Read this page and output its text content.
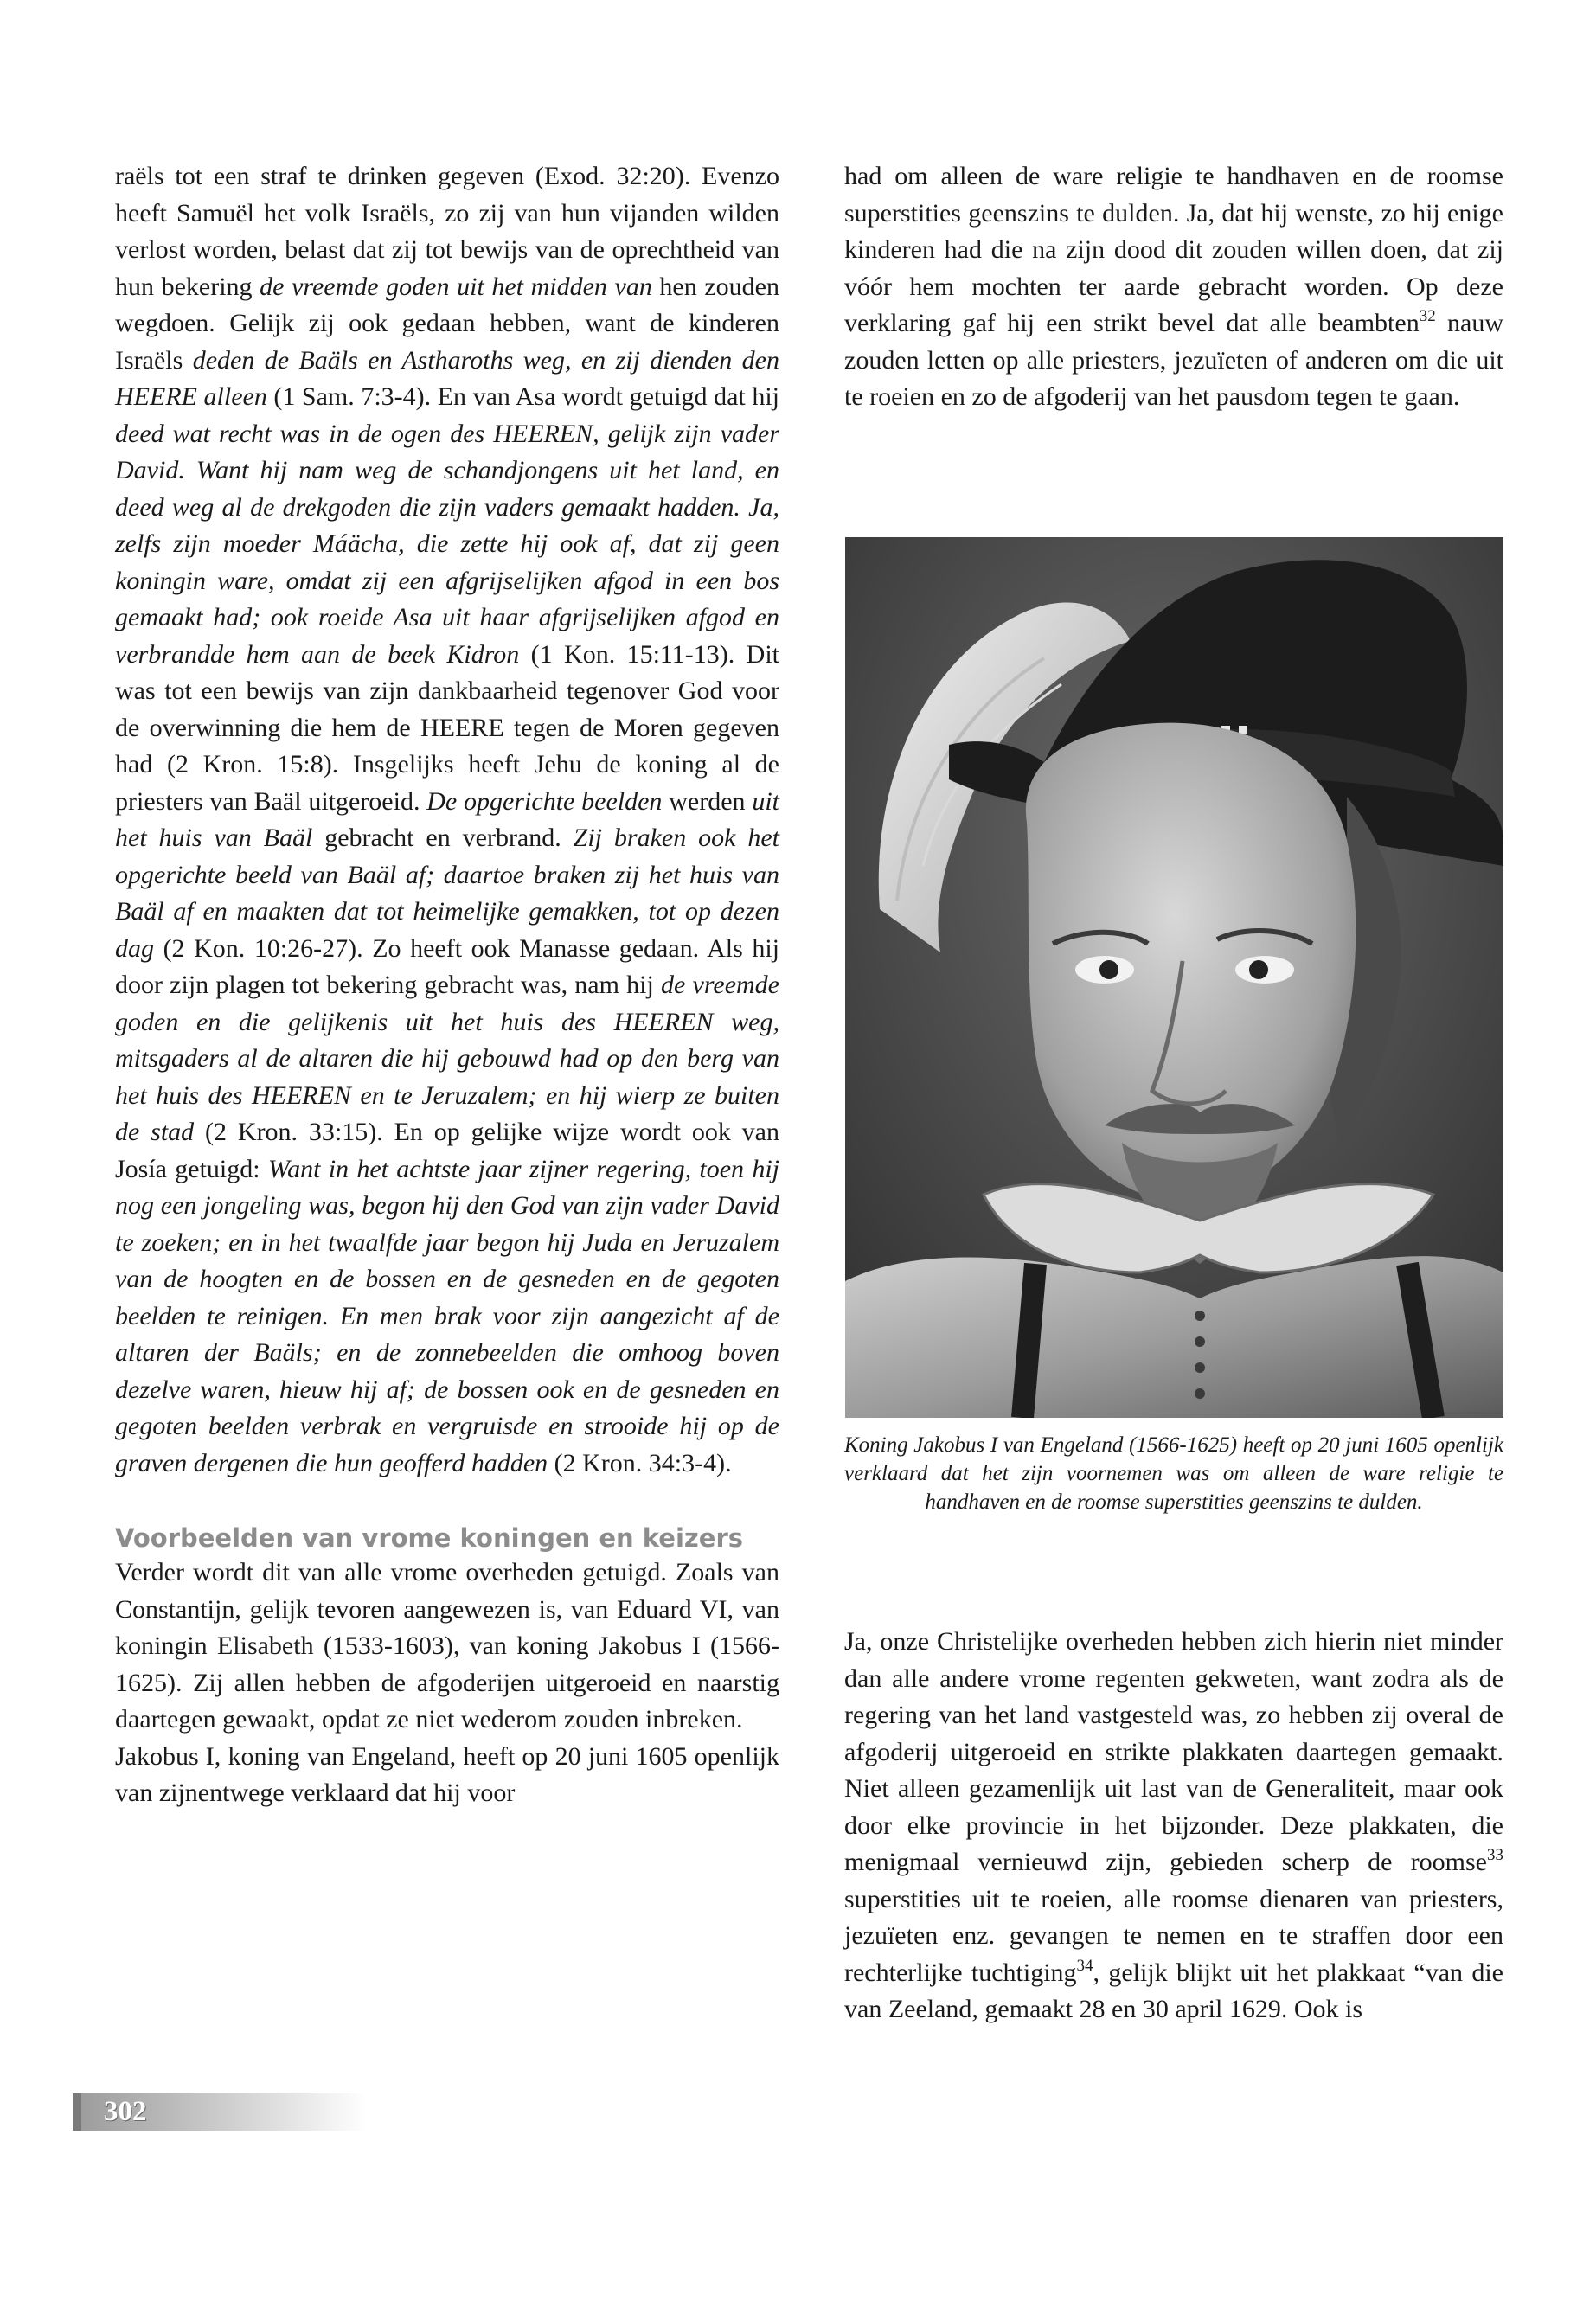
raëls tot een straf te drinken gegeven (Exod. 32:20). Evenzo heeft Samuël het volk Israëls, zo zij van hun vijanden wilden verlost worden, belast dat zij tot bewijs van de oprechtheid van hun bekering de vreemde goden uit het midden van hen zouden wegdoen. Gelijk zij ook gedaan hebben, want de kinderen Israëls deden de Baäls en Astharoths weg, en zij dienden den HEERE alleen (1 Sam. 7:3-4). En van Asa wordt getuigd dat hij deed wat recht was in de ogen des HEEREN, gelijk zijn vader David. Want hij nam weg de schandjongens uit het land, en deed weg al de drekgoden die zijn vaders gemaakt hadden. Ja, zelfs zijn moeder Máächa, die zette hij ook af, dat zij geen koningin ware, omdat zij een afgrijselijken afgod in een bos gemaakt had; ook roeide Asa uit haar afgrijselijken afgod en verbrandde hem aan de beek Kidron (1 Kon. 15:11-13). Dit was tot een bewijs van zijn dankbaarheid tegenover God voor de overwinning die hem de HEERE tegen de Moren gegeven had (2 Kron. 15:8). Insgelijks heeft Jehu de koning al de priesters van Baäl uitgeroeid. De opgerichte beelden werden uit het huis van Baäl gebracht en verbrand. Zij braken ook het opgerichte beeld van Baäl af; daartoe braken zij het huis van Baäl af en maakten dat tot heimelijke gemakken, tot op dezen dag (2 Kon. 10:26-27). Zo heeft ook Manasse gedaan. Als hij door zijn plagen tot bekering gebracht was, nam hij de vreemde goden en die gelijkenis uit het huis des HEEREN weg, mitsgaders al de altaren die hij gebouwd had op den berg van het huis des HEEREN en te Jeruzalem; en hij wierp ze buiten de stad (2 Kron. 33:15). En op gelijke wijze wordt ook van Josía getuigd: Want in het achtste jaar zijner regering, toen hij nog een jongeling was, begon hij den God van zijn vader David te zoeken; en in het twaalfde jaar begon hij Juda en Jeruzalem van de hoogten en de bossen en de gesneden en de gegoten beelden te reinigen. En men brak voor zijn aangezicht af de altaren der Baäls; en de zonnebeelden die omhoog boven dezelve waren, hieuw hij af; de bossen ook en de gesneden en gegoten beelden verbrak en vergruisde en strooide hij op de graven dergenen die hun geofferd hadden (2 Kron. 34:3-4).

Voorbeelden van vrome koningen en keizers

Verder wordt dit van alle vrome overheden getuigd. Zoals van Constantijn, gelijk tevoren aangewezen is, van Eduard VI, van koningin Elisabeth (1533-1603), van koning Jakobus I (1566-1625). Zij allen hebben de afgoderijen uitgeroeid en naarstig daartegen gewaakt, opdat ze niet wederom zouden inbreken.

Jakobus I, koning van Engeland, heeft op 20 juni 1605 openlijk van zijnentwege verklaard dat hij voor

had om alleen de ware religie te handhaven en de roomse superstities geenszins te dulden. Ja, dat hij wenste, zo hij enige kinderen had die na zijn dood dit zouden willen doen, dat zij vóór hem mochten ter aarde gebracht worden. Op deze verklaring gaf hij een strikt bevel dat alle beambten$^{32}$ nauw zouden letten op alle priesters, jezuïeten of anderen om die uit te roeien en zo de afgoderij van het pausdom tegen te gaan.

Koning Jakobus I van Engeland (1566-1625) heeft op 20 juni 1605 openlijk verklaard dat het zijn voornemen was om alleen de ware religie te handhaven en de roomse superstities geenszins te dulden.

Ja, onze Christelijke overheden hebben zich hierin niet minder dan alle andere vrome regenten gekweten, want zodra als de regering van het land vastgesteld was, zo hebben zij overal de afgoderij uitgeroeid en strikte plakkaten daartegen gemaakt. Niet alleen gezamenlijk uit last van de Generaliteit, maar ook door elke provincie in het bijzonder. Deze plakkaten, die menigmaal vernieuwd zijn, gebieden scherp de roomse$^{33}$ superstities uit te roeien, alle roomse dienaren van priesters, jezuïeten enz. gevangen te nemen en te straffen door een rechterlijke tuchtiging$^{34}$, gelijk blijkt uit het plakkaat “van die van Zeeland, gemaakt 28 en 30 april 1629. Ook is

302
